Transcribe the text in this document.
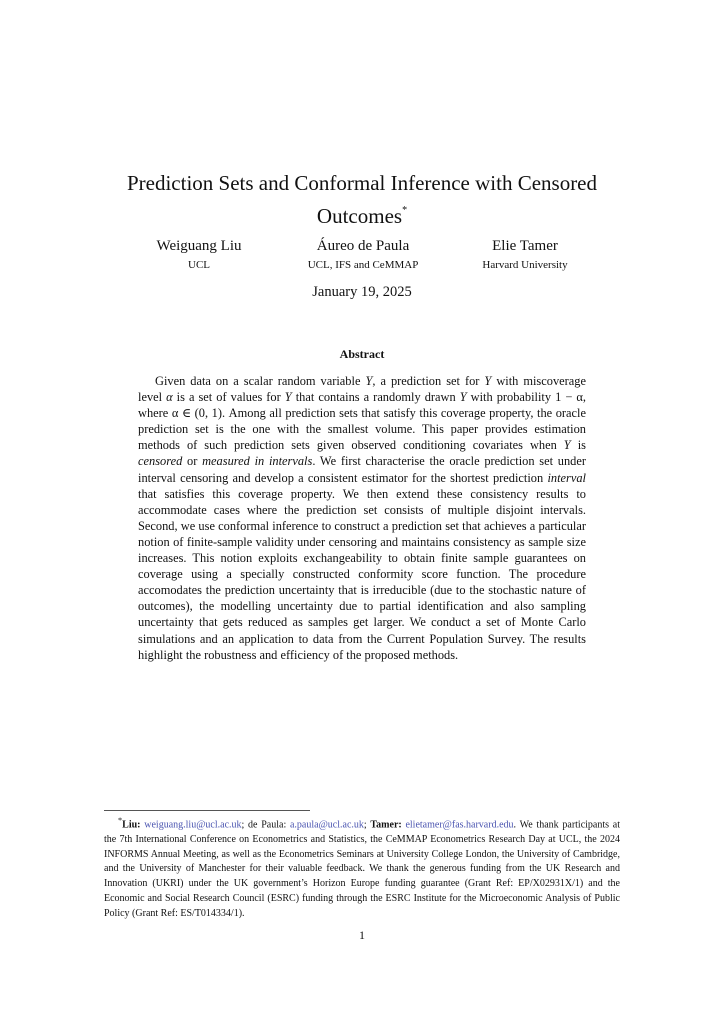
Prediction Sets and Conformal Inference with Censored Outcomes*
Weiguang Liu
UCL
Áureo de Paula
UCL, IFS and CeMMAP
Elie Tamer
Harvard University
January 19, 2025
Abstract

Given data on a scalar random variable Y, a prediction set for Y with miscoverage level α is a set of values for Y that contains a randomly drawn Y with probability 1 − α, where α ∈ (0, 1). Among all prediction sets that satisfy this coverage property, the oracle prediction set is the one with the smallest volume. This paper provides estimation methods of such prediction sets given observed conditioning covariates when Y is censored or measured in intervals. We first characterise the oracle prediction set under interval censoring and develop a consistent estimator for the shortest prediction interval that satisfies this coverage property. We then extend these consistency results to accommodate cases where the prediction set consists of multiple disjoint intervals. Second, we use conformal inference to construct a prediction set that achieves a particular notion of finite-sample validity under censoring and maintains consistency as sample size increases. This notion exploits exchangeability to obtain finite sample guarantees on coverage using a specially constructed conformity score function. The procedure accomodates the prediction uncertainty that is irreducible (due to the stochastic nature of outcomes), the modelling uncertainty due to partial identification and also sampling uncertainty that gets reduced as samples get larger. We conduct a set of Monte Carlo simulations and an application to data from the Current Population Survey. The results highlight the robustness and efficiency of the proposed methods.

*Liu: weiguang.liu@ucl.ac.uk; de Paula: a.paula@ucl.ac.uk; Tamer: elietamer@fas.harvard.edu. We thank participants at the 7th International Conference on Econometrics and Statistics, the CeMMAP Econometrics Research Day at UCL, the 2024 INFORMS Annual Meeting, as well as the Econometrics Seminars at University College London, the University of Cambridge, and the University of Manchester for their valuable feedback. We thank the generous funding from the UK Research and Innovation (UKRI) under the UK government’s Horizon Europe funding guarantee (Grant Ref: EP/X02931X/1) and the Economic and Social Research Council (ESRC) funding through the ESRC Institute for the Microeconomic Analysis of Public Policy (Grant Ref: ES/T014334/1).

1
